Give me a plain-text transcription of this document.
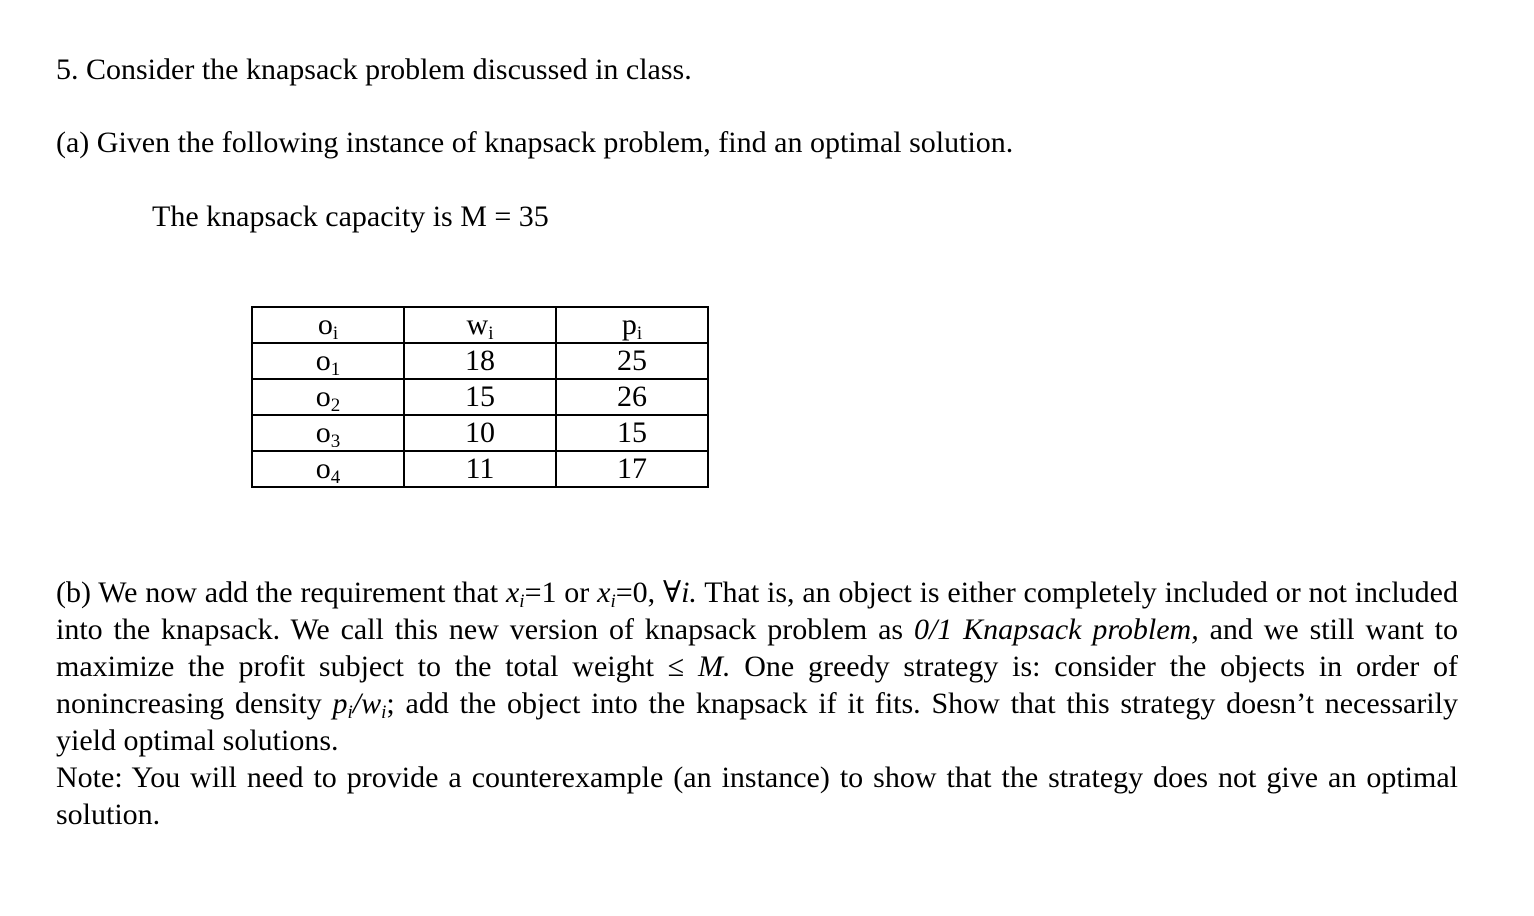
5. Consider the knapsack problem discussed in class.
(a) Given the following instance of knapsack problem, find an optimal solution.
The knapsack capacity is M = 35
$o_i$	$w_i$	$p_i$
$o_1$	18	25
$o_2$	15	26
$o_3$	10	15
$o_4$	11	17

(b) We now add the requirement that xi=1 or xi=0, ∀i. That is, an object is either completely included or not included into the knapsack. We call this new version of knapsack problem as 0/1 Knapsack problem, and we still want to maximize the profit subject to the total weight ≤ M. One greedy strategy is: consider the objects in order of nonincreasing density pi/wi; add the object into the knapsack if it fits. Show that this strategy doesn’t necessarily yield optimal solutions.

Note: You will need to provide a counterexample (an instance) to show that the strategy does not give an optimal solution.
